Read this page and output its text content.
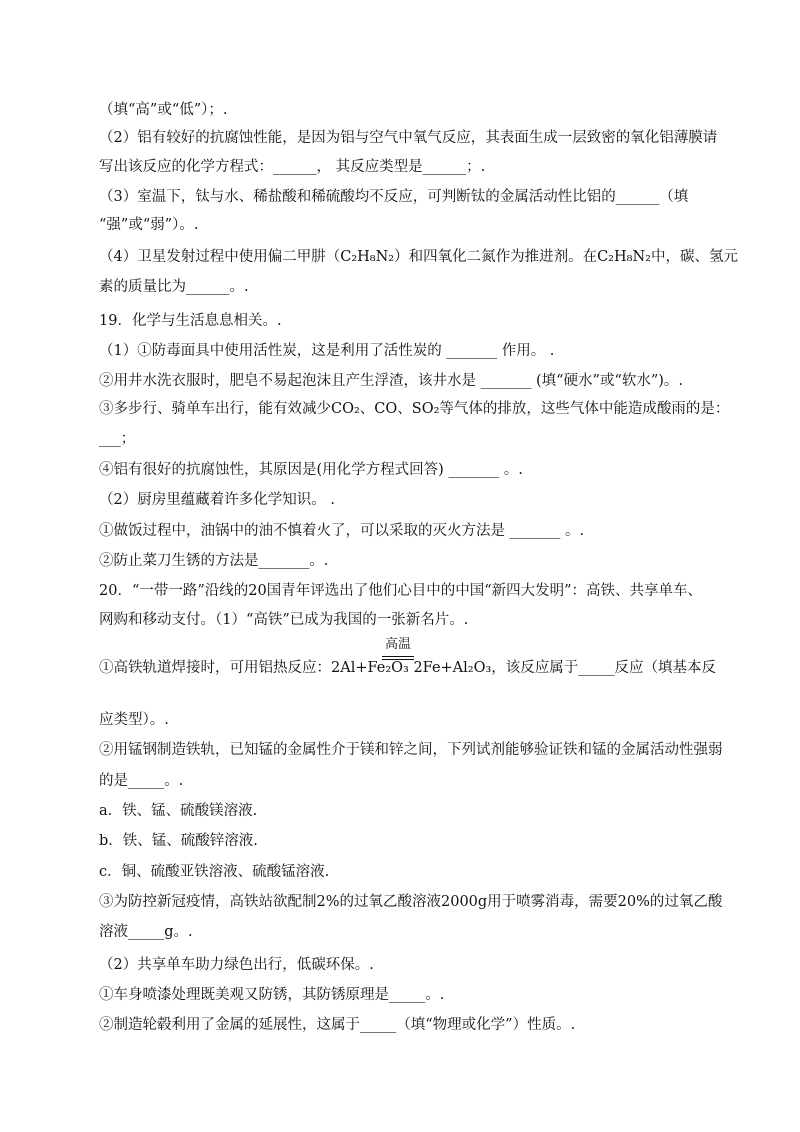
（填“高”或“低”）；.
（2）铝有较好的抗腐蚀性能，是因为铝与空气中氧气反应，其表面生成一层致密的氧化铝薄膜请
写出该反应的化学方程式：______， 其反应类型是______；.
（3）室温下，钛与水、稀盐酸和稀硫酸均不反应，可判断钛的金属活动性比铝的______（填
“强”或“弱”）。.
（4）卫星发射过程中使用偏二甲肼（C₂H₈N₂）和四氧化二氮作为推进剂。在C₂H₈N₂中，碳、氢元
素的质量比为______。.
19．化学与生活息息相关。.
（1）①防毒面具中使用活性炭，这是利用了活性炭的 _______ 作用。 .
②用井水洗衣服时，肥皂不易起泡沫且产生浮渣，该井水是 _______ (填“硬水”或“软水”)。.
③多步行、骑单车出行，能有效减少CO₂、CO、SO₂等气体的排放，这些气体中能造成酸雨的是：
___；
④铝有很好的抗腐蚀性，其原因是(用化学方程式回答) _______ 。.
（2）厨房里蕴藏着许多化学知识。 .
①做饭过程中，油锅中的油不慎着火了，可以采取的灭火方法是 _______ 。.
②防止菜刀生锈的方法是_______。.
20．“一带一路”沿线的20国青年评选出了他们心目中的中国“新四大发明”：高铁、共享单车、
网购和移动支付。（1）“高铁”已成为我国的一张新名片。.
高温
①高铁轨道焊接时，可用铝热反应：2Al+Fe₂O₃ 2Fe+Al₂O₃，该反应属于_____反应（填基本反
应类型）。.
②用锰钢制造铁轨，已知锰的金属性介于镁和锌之间，下列试剂能够验证铁和锰的金属活动性强弱
的是_____。.
a．铁、锰、硫酸镁溶液.
b．铁、锰、硫酸锌溶液.
c．铜、硫酸亚铁溶液、硫酸锰溶液.
③为防控新冠疫情，高铁站欲配制2%的过氧乙酸溶液2000g用于喷雾消毒，需要20%的过氧乙酸
溶液_____g。.
（2）共享单车助力绿色出行，低碳环保。.
①车身喷漆处理既美观又防锈，其防锈原理是_____。.
②制造轮毂利用了金属的延展性，这属于_____（填“物理或化学”）性质。.
